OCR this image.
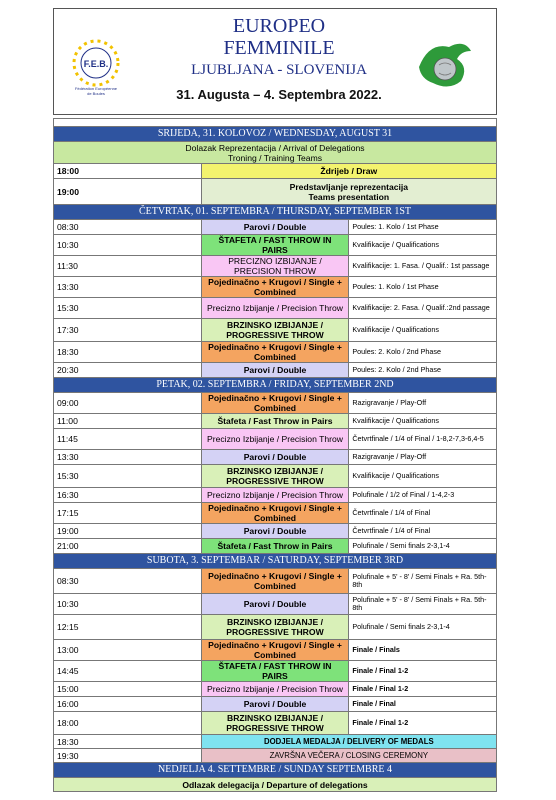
F.E.B.
Fédération Européenne
de Boules
EUROPEO
FEMMINILE
LJUBLJANA - SLOVENIJA
31. Augusta – 4. Septembra 2022.

SRIJEDA, 31. KOLOVOZ / WEDNESDAY, AUGUST 31		

Dolazak Reprezentacija / Arrival of Delegations
Troning / Training Teams		

18:00	Ždrijeb / Draw	
19:00	Predstavljanje reprezentacija
Teams presentation	

ČETVRTAK, 01. SEPTEMBRA / THURSDAY, SEPTEMBER 1ST		
08:30	Parovi / Double	Poules: 1. Kolo / 1st Phase
10:30	ŠTAFETA / FAST THROW IN PAIRS	Kvalifikacije / Qualifications
11:30	PRECIZNO IZBIJANJE / PRECISION THROW	Kvalifikacije: 1. Fasa. / Qualif.: 1st passage
13:30	Pojedinačno + Krugovi / Single + Combined	Poules: 1. Kolo / 1st Phase
15:30	Precizno Izbijanje / Precision Throw	Kvalifikacije: 2. Fasa. / Qualif.:2nd passage
17:30	BRZINSKO IZBIJANJE / PROGRESSIVE THROW	Kvalifikacije / Qualifications
18:30	Pojedinačno + Krugovi / Single + Combined	Poules: 2. Kolo / 2nd Phase
20:30	Parovi / Double	Poules: 2. Kolo / 2nd Phase
PETAK, 02. SEPTEMBRA / FRIDAY, SEPTEMBER 2ND		
09:00	Pojedinačno + Krugovi / Single + Combined	Razigravanje / Play-Off
11:00	Štafeta / Fast Throw in Pairs	Kvalifikacije / Qualifications
11:45	Precizno Izbijanje / Precision Throw	Četvrtfinale / 1/4 of Final / 1-8,2-7,3-6,4-5
13:30	Parovi / Double	Razigravanje / Play-Off
15:30	BRZINSKO IZBIJANJE / PROGRESSIVE THROW	Kvalifikacije / Qualifications
16:30	Precizno Izbijanje / Precision Throw	Polufinale / 1/2 of Final / 1-4,2-3
17:15	Pojedinačno + Krugovi / Single + Combined	Četvrtfinale / 1/4 of Final
19:00	Parovi / Double	Četvrtfinale / 1/4 of Final
21:00	Štafeta / Fast Throw in Pairs	Polufinale / Semi finals 2-3,1-4
SUBOTA, 3. SEPTEMBAR / SATURDAY, SEPTEMBER 3RD		
08:30	Pojedinačno + Krugovi / Single + Combined	Polufinale + 5' - 8' / Semi Finals + Ra. 5th- 8th
10:30	Parovi / Double	Polufinale + 5' - 8' / Semi Finals + Ra. 5th- 8th
12:15	BRZINSKO IZBIJANJE / PROGRESSIVE THROW	Polufinale / Semi finals 2-3,1-4
13:00	Pojedinačno + Krugovi / Single + Combined	Finale / Finals
14:45	ŠTAFETA / FAST THROW IN PAIRS	Finale / Final 1-2
15:00	Precizno Izbijanje / Precision Throw	Finale / Final 1-2
16:00	Parovi / Double	Finale / Final
18:00	BRZINSKO IZBIJANJE / PROGRESSIVE THROW	Finale / Final 1-2
18:30	DODJELA MEDALJA / DELIVERY OF MEDALS	
19:30	ZAVRŠNA VEČERA / CLOSING CEREMONY	
NEDJELJA 4. SETTEMBRE / SUNDAY SEPTEMBRE 4		
Odlazak delegacija / Departure of delegations		
